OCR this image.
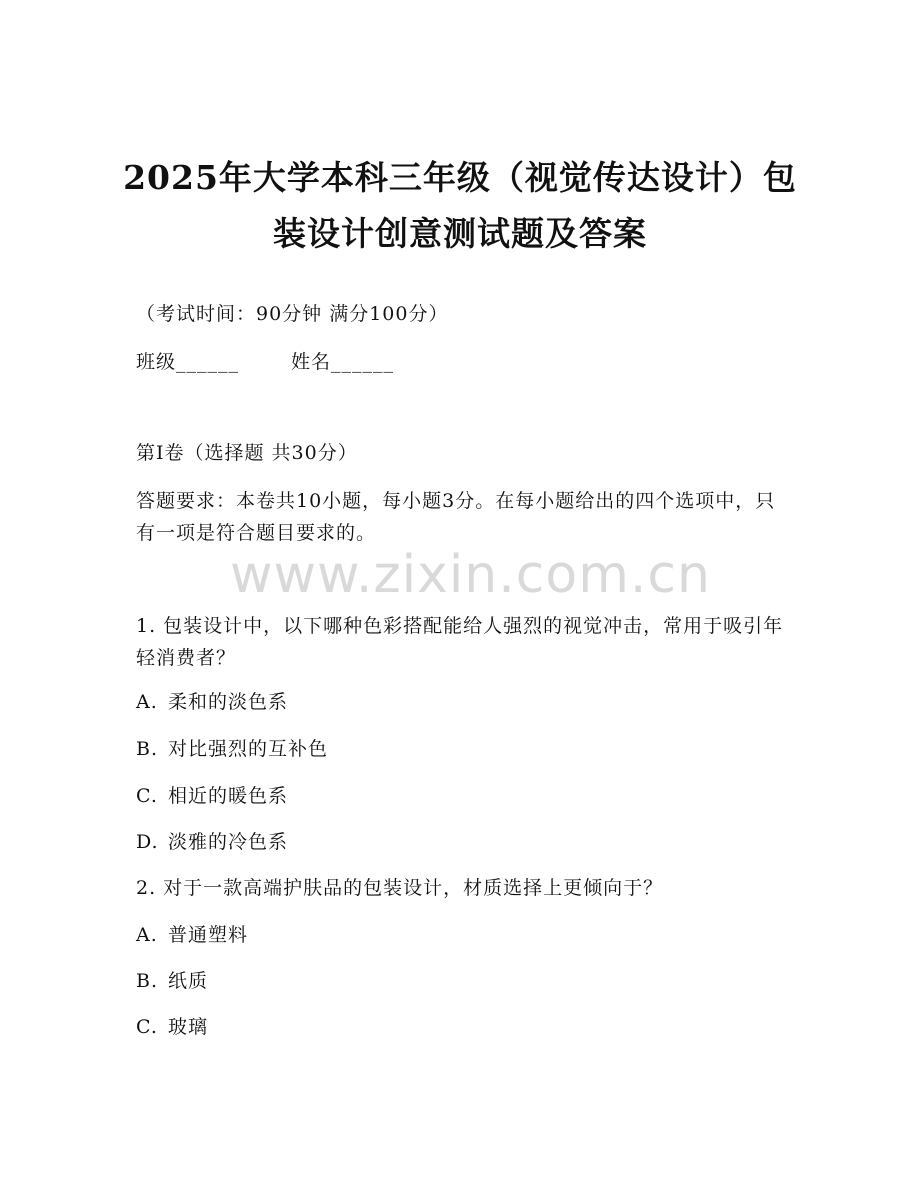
2025年大学本科三年级（视觉传达设计）包装设计创意测试题及答案
（考试时间：90分钟 满分100分）
班级______	姓名______
第I卷（选择题 共30分）
答题要求：本卷共10小题，每小题3分。在每小题给出的四个选项中，只有一项是符合题目要求的。
www.zixin.com.cn
1. 包装设计中，以下哪种色彩搭配能给人强烈的视觉冲击，常用于吸引年轻消费者？
A. 柔和的淡色系
B. 对比强烈的互补色
C. 相近的暖色系
D. 淡雅的冷色系
2. 对于一款高端护肤品的包装设计，材质选择上更倾向于？
A. 普通塑料
B. 纸质
C. 玻璃
